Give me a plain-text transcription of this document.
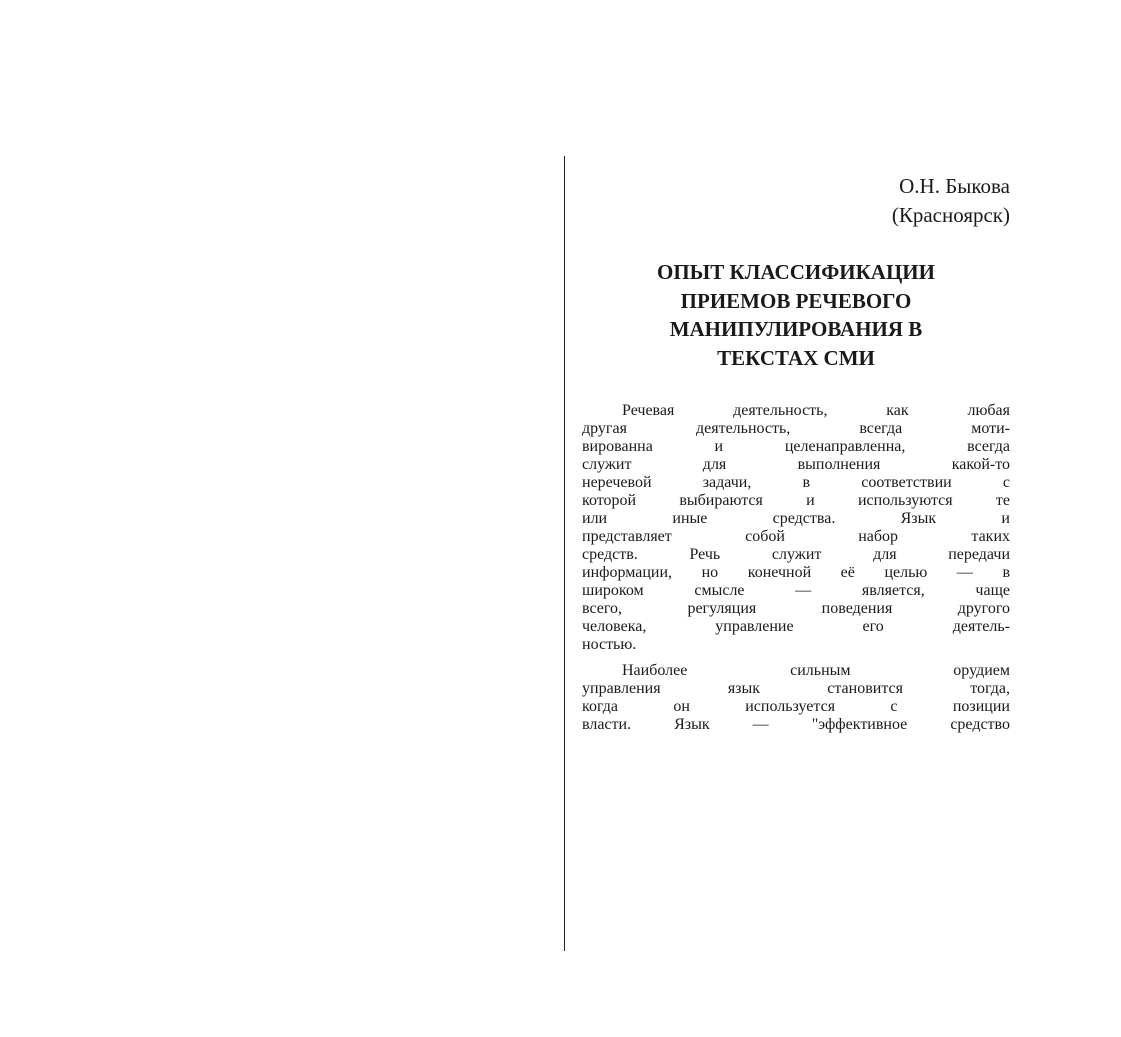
О.Н. Быкова
(Красноярск)
ОПЫТ КЛАССИФИКАЦИИ
ПРИЕМОВ РЕЧЕВОГО
МАНИПУЛИРОВАНИЯ В
ТЕКСТАХ СМИ
Речевая деятельность, как любая
другая деятельность, всегда моти-
вированна и целенаправленна, всегда
служит для выполнения какой-то
неречевой задачи, в соответствии с
которой выбираются и используются те
или иные средства. Язык и
представляет собой набор таких
средств. Речь служит для передачи
информации, но конечной её целью — в
широком смысле — является, чаще
всего, регуляция поведения другого
человека, управление его деятель-
ностью.
Наиболее сильным орудием
управления язык становится тогда,
когда он используется с позиции
власти. Язык — "эффективное средство
